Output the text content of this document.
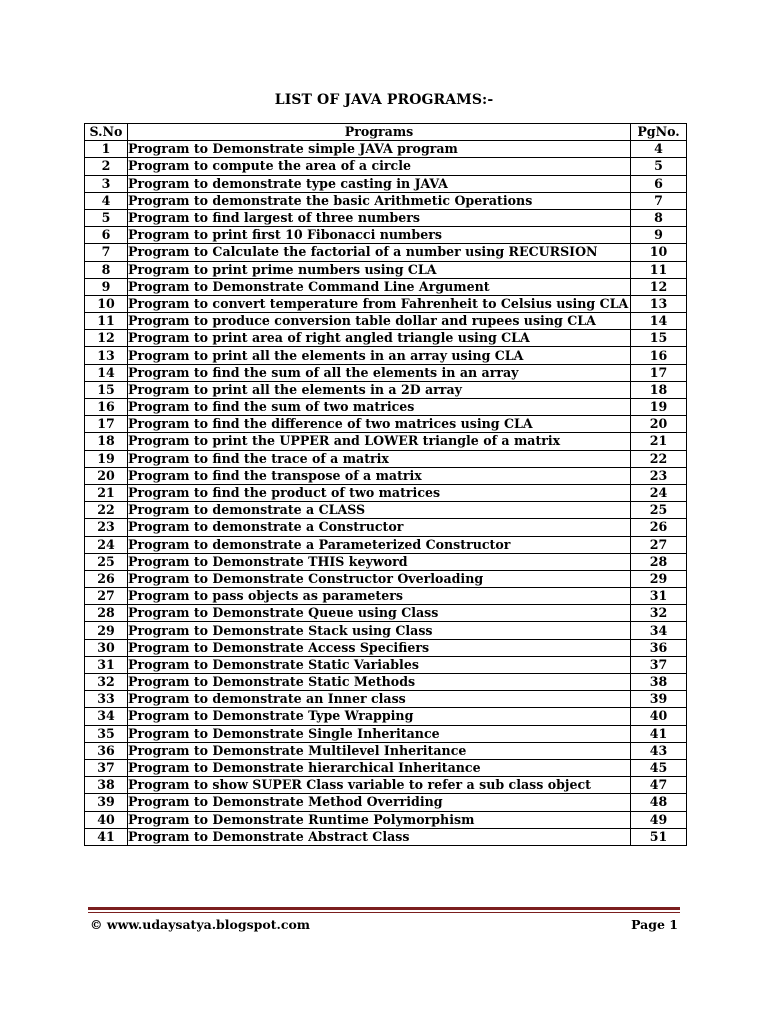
LIST OF JAVA PROGRAMS:-
S.No	Programs	PgNo.
1	Program to Demonstrate simple JAVA program	4
2	Program to compute the area of a circle	5
3	Program to demonstrate type casting in JAVA	6
4	Program to demonstrate the basic Arithmetic Operations	7
5	Program to find largest of three numbers	8
6	Program to print first 10 Fibonacci numbers	9
7	Program to Calculate the factorial of a number using RECURSION	10
8	Program to print prime numbers using CLA	11
9	Program to Demonstrate Command Line Argument	12
10	Program to convert temperature from Fahrenheit to Celsius using CLA	13
11	Program to produce conversion table dollar and rupees using CLA	14
12	Program to print area of right angled triangle using CLA	15
13	Program to print all the elements in an array using CLA	16
14	Program to find the sum of all the elements in an array	17
15	Program to print all the elements in a 2D array	18
16	Program to find the sum of two matrices	19
17	Program to find the difference of two matrices using CLA	20
18	Program to print the UPPER and LOWER triangle of a matrix	21
19	Program to find the trace of a matrix	22
20	Program to find the transpose of a matrix	23
21	Program to find the product of two matrices	24
22	Program to demonstrate a CLASS	25
23	Program to demonstrate a Constructor	26
24	Program to demonstrate a Parameterized Constructor	27
25	Program to Demonstrate THIS keyword	28
26	Program to Demonstrate Constructor Overloading	29
27	Program to pass objects as parameters	31
28	Program to Demonstrate Queue using Class	32
29	Program to Demonstrate Stack using Class	34
30	Program to Demonstrate Access Specifiers	36
31	Program to Demonstrate Static Variables	37
32	Program to Demonstrate Static Methods	38
33	Program to demonstrate an Inner class	39
34	Program to Demonstrate Type Wrapping	40
35	Program to Demonstrate Single Inheritance	41
36	Program to Demonstrate Multilevel Inheritance	43
37	Program to Demonstrate hierarchical Inheritance	45
38	Program to show SUPER Class variable to refer a sub class object	47
39	Program to Demonstrate Method Overriding	48
40	Program to Demonstrate Runtime Polymorphism	49
41	Program to Demonstrate Abstract Class	51
© www.udaysatya.blogspot.com	Page 1
